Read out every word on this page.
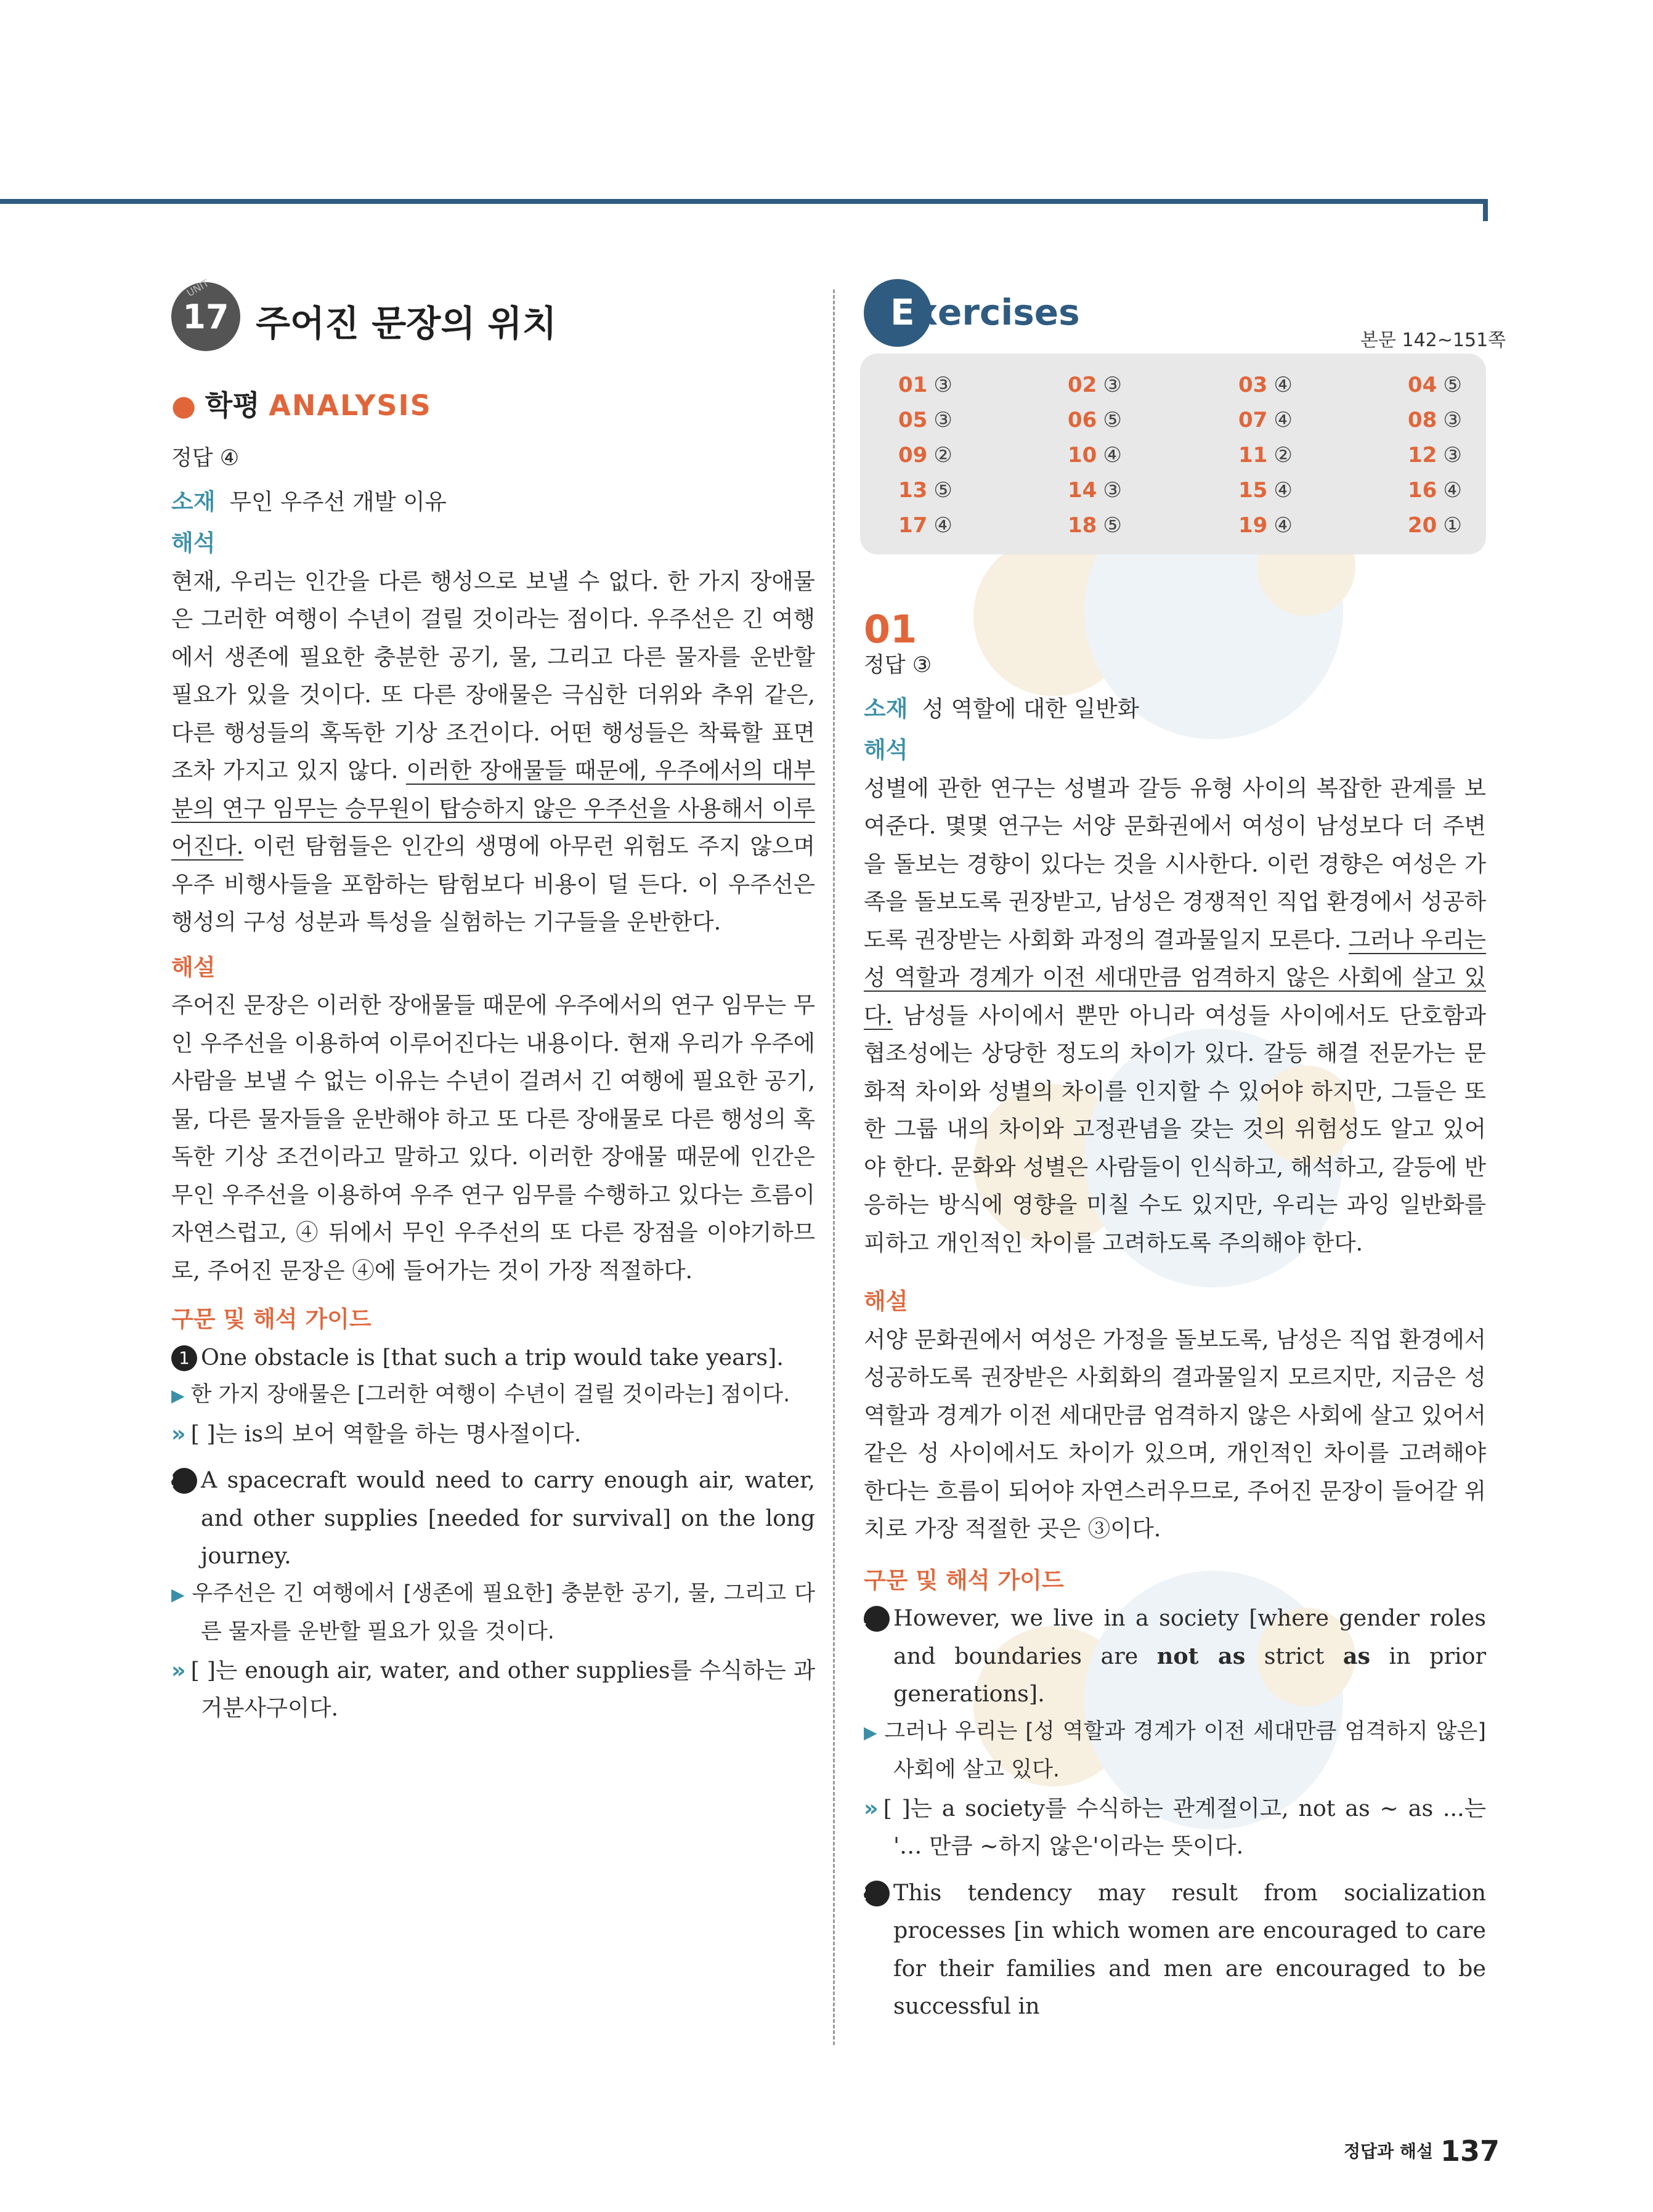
17
UNIT
주어진 문장의 위치
● 학평 ANALYSIS
정답 ④
소재 무인 우주선 개발 이유
해석
현재, 우리는 인간을 다른 행성으로 보낼 수 없다. 한 가지 장애물은 그러한 여행이 수년이 걸릴 것이라는 점이다. 우주선은 긴 여행에서 생존에 필요한 충분한 공기, 물, 그리고 다른 물자를 운반할 필요가 있을 것이다. 또 다른 장애물은 극심한 더위와 추위 같은, 다른 행성들의 혹독한 기상 조건이다. 어떤 행성들은 착륙할 표면조차 가지고 있지 않다. 이러한 장애물들 때문에, 우주에서의 대부분의 연구 임무는 승무원이 탑승하지 않은 우주선을 사용해서 이루어진다. 이런 탐험들은 인간의 생명에 아무런 위험도 주지 않으며 우주 비행사들을 포함하는 탐험보다 비용이 덜 든다. 이 우주선은 행성의 구성 성분과 특성을 실험하는 기구들을 운반한다.
해설
주어진 문장은 이러한 장애물들 때문에 우주에서의 연구 임무는 무인 우주선을 이용하여 이루어진다는 내용이다. 현재 우리가 우주에 사람을 보낼 수 없는 이유는 수년이 걸려서 긴 여행에 필요한 공기, 물, 다른 물자들을 운반해야 하고 또 다른 장애물로 다른 행성의 혹독한 기상 조건이라고 말하고 있다. 이러한 장애물 때문에 인간은 무인 우주선을 이용하여 우주 연구 임무를 수행하고 있다는 흐름이 자연스럽고, ④ 뒤에서 무인 우주선의 또 다른 장점을 이야기하므로, 주어진 문장은 ④에 들어가는 것이 가장 적절하다.
구문 및 해석 가이드
1 One obstacle is [that such a trip would take years].
▶ 한 가지 장애물은 [그러한 여행이 수년이 걸릴 것이라는] 점이다.
» [ ]는 is의 보어 역할을 하는 명사절이다.
2 A spacecraft would need to carry enough air, water, and other supplies [needed for survival] on the long journey.
▶ 우주선은 긴 여행에서 [생존에 필요한] 충분한 공기, 물, 그리고 다른 물자를 운반할 필요가 있을 것이다.
» [ ]는 enough air, water, and other supplies를 수식하는 과거분사구이다.
Exercises
본문 142~151쪽
01 ③	02 ③	03 ④	04 ⑤
05 ③	06 ⑤	07 ④	08 ③
09 ②	10 ④	11 ②	12 ③
13 ⑤	14 ③	15 ④	16 ④
17 ④	18 ⑤	19 ④	20 ①
01
정답 ③
소재 성 역할에 대한 일반화
해석
성별에 관한 연구는 성별과 갈등 유형 사이의 복잡한 관계를 보여준다. 몇몇 연구는 서양 문화권에서 여성이 남성보다 더 주변을 돌보는 경향이 있다는 것을 시사한다. 이런 경향은 여성은 가족을 돌보도록 권장받고, 남성은 경쟁적인 직업 환경에서 성공하도록 권장받는 사회화 과정의 결과물일지 모른다. 그러나 우리는 성 역할과 경계가 이전 세대만큼 엄격하지 않은 사회에 살고 있다. 남성들 사이에서 뿐만 아니라 여성들 사이에서도 단호함과 협조성에는 상당한 정도의 차이가 있다. 갈등 해결 전문가는 문화적 차이와 성별의 차이를 인지할 수 있어야 하지만, 그들은 또한 그룹 내의 차이와 고정관념을 갖는 것의 위험성도 알고 있어야 한다. 문화와 성별은 사람들이 인식하고, 해석하고, 갈등에 반응하는 방식에 영향을 미칠 수도 있지만, 우리는 과잉 일반화를 피하고 개인적인 차이를 고려하도록 주의해야 한다.
해설
서양 문화권에서 여성은 가정을 돌보도록, 남성은 직업 환경에서 성공하도록 권장받은 사회화의 결과물일지 모르지만, 지금은 성 역할과 경계가 이전 세대만큼 엄격하지 않은 사회에 살고 있어서 같은 성 사이에서도 차이가 있으며, 개인적인 차이를 고려해야 한다는 흐름이 되어야 자연스러우므로, 주어진 문장이 들어갈 위치로 가장 적절한 곳은 ③이다.
구문 및 해석 가이드
1 However, we live in a society [where gender roles and boundaries are not as strict as in prior generations].
▶ 그러나 우리는 [성 역할과 경계가 이전 세대만큼 엄격하지 않은] 사회에 살고 있다.
» [ ]는 a society를 수식하는 관계절이고, not as ~ as ...는 '… 만큼 ~하지 않은'이라는 뜻이다.
2 This tendency may result from socialization processes [in which women are encouraged to care for their families and men are encouraged to be successful in
정답과 해설 137
